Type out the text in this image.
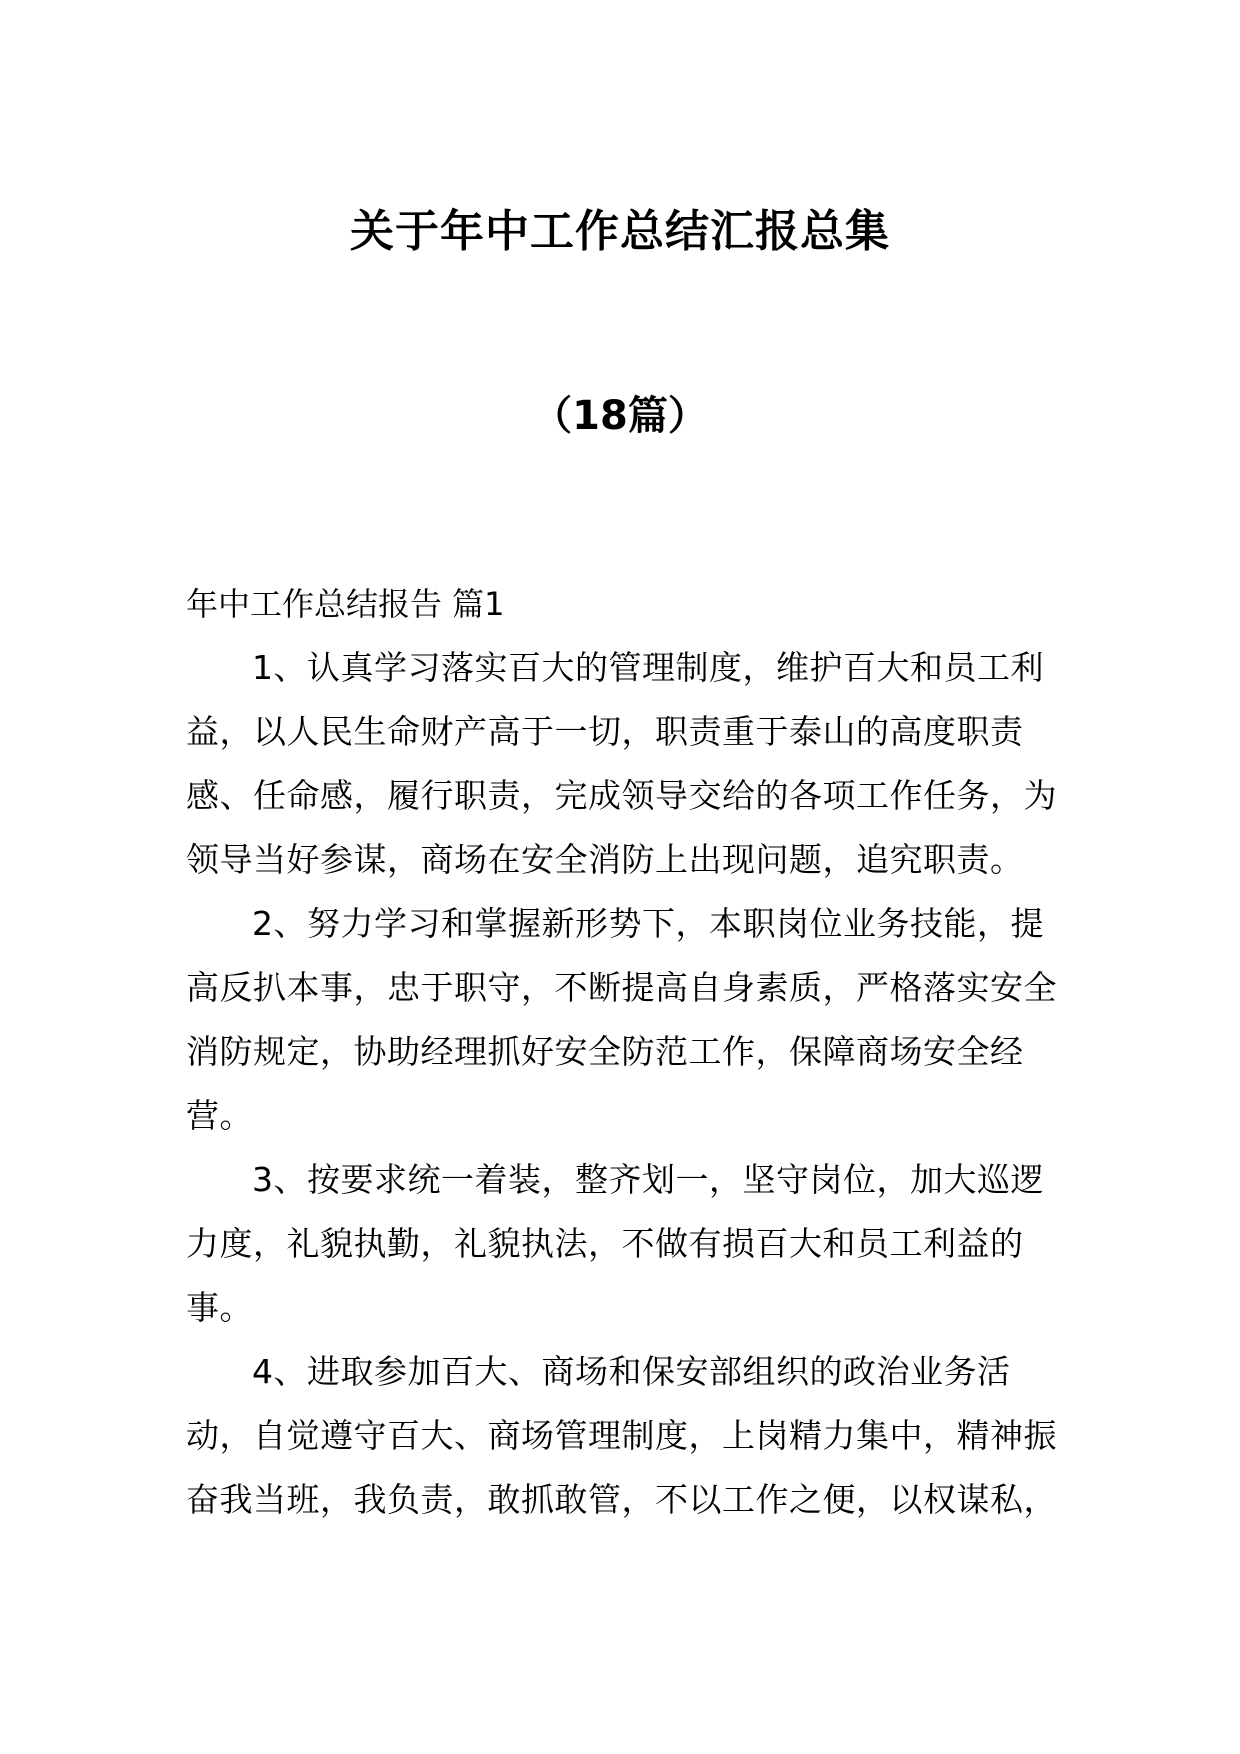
关于年中工作总结汇报总集
（18篇）

年中工作总结报告 篇1

1、认真学习落实百大的管理制度，维护百大和员工利益，以人民生命财产高于一切，职责重于泰山的高度职责感、任命感，履行职责，完成领导交给的各项工作任务，为领导当好参谋，商场在安全消防上出现问题，追究职责。

2、努力学习和掌握新形势下，本职岗位业务技能，提高反扒本事，忠于职守，不断提高自身素质，严格落实安全消防规定，协助经理抓好安全防范工作，保障商场安全经营。

3、按要求统一着装，整齐划一，坚守岗位，加大巡逻力度，礼貌执勤，礼貌执法，不做有损百大和员工利益的事。

4、进取参加百大、商场和保安部组织的政治业务活动，自觉遵守百大、商场管理制度，上岗精力集中，精神振奋我当班，我负责，敢抓敢管，不以工作之便，以权谋私，
